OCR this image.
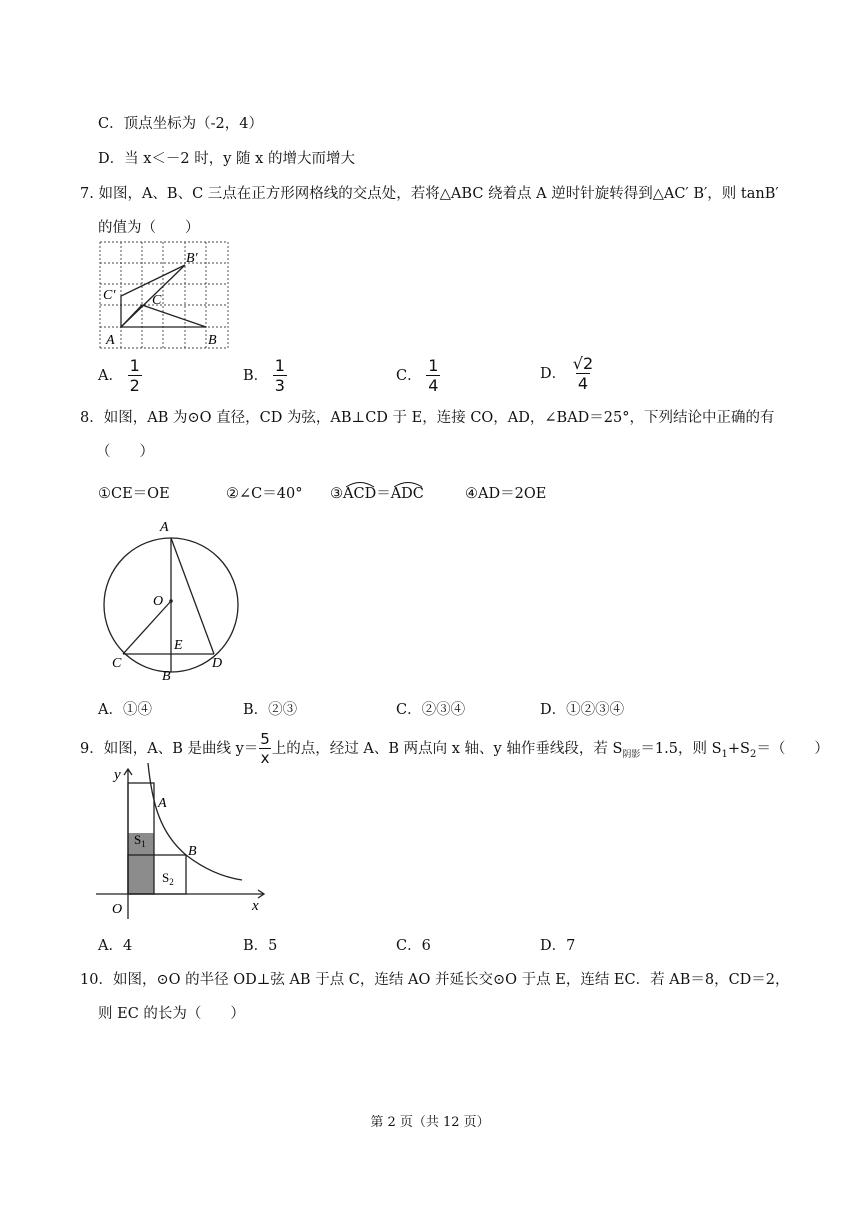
C．顶点坐标为（-2，4）
D．当 x＜－2 时，y 随 x 的增大而增大
7. 如图，A、B、C 三点在正方形网格线的交点处，若将△ABC 绕着点 A 逆时针旋转得到△AC′ B′，则 tanB′
的值为（　　）
A	B
C
C′
B′
A． $\frac{1}{2}$	B． $\frac{1}{3}$	C． $\frac{1}{4}$	D． $\frac{√2}{4}$
8．如图，AB 为⊙O 直径，CD 为弦，AB⊥CD 于 E，连接 CO，AD，∠BAD＝25°，下列结论中正确的有
（　　）
①CE＝OE	②∠C＝40° ③
ACD＝
ADC	④AD＝2OE
A
B
C	D
E
O
A．①④	B．②③	C．②③④	D．①②③④
9．如图，A、B 是曲线 $y= \frac{5}{x}$ 上的点，经过 A、B 两点向 x 轴、y 轴作垂线段，若 $S_{阴影}=1.5$，则 $S_1+S_2=$（　　）
y
x
O
A
B
$S_1$
$S_2$
A．4	B．5	C．6	D．7
10．如图，⊙O 的半径 OD⊥弦 AB 于点 C，连结 AO 并延长交⊙O 于点 E，连结 EC．若 AB＝8，CD＝2，
则 EC 的长为（　　）
第 2 页（共 12 页）
